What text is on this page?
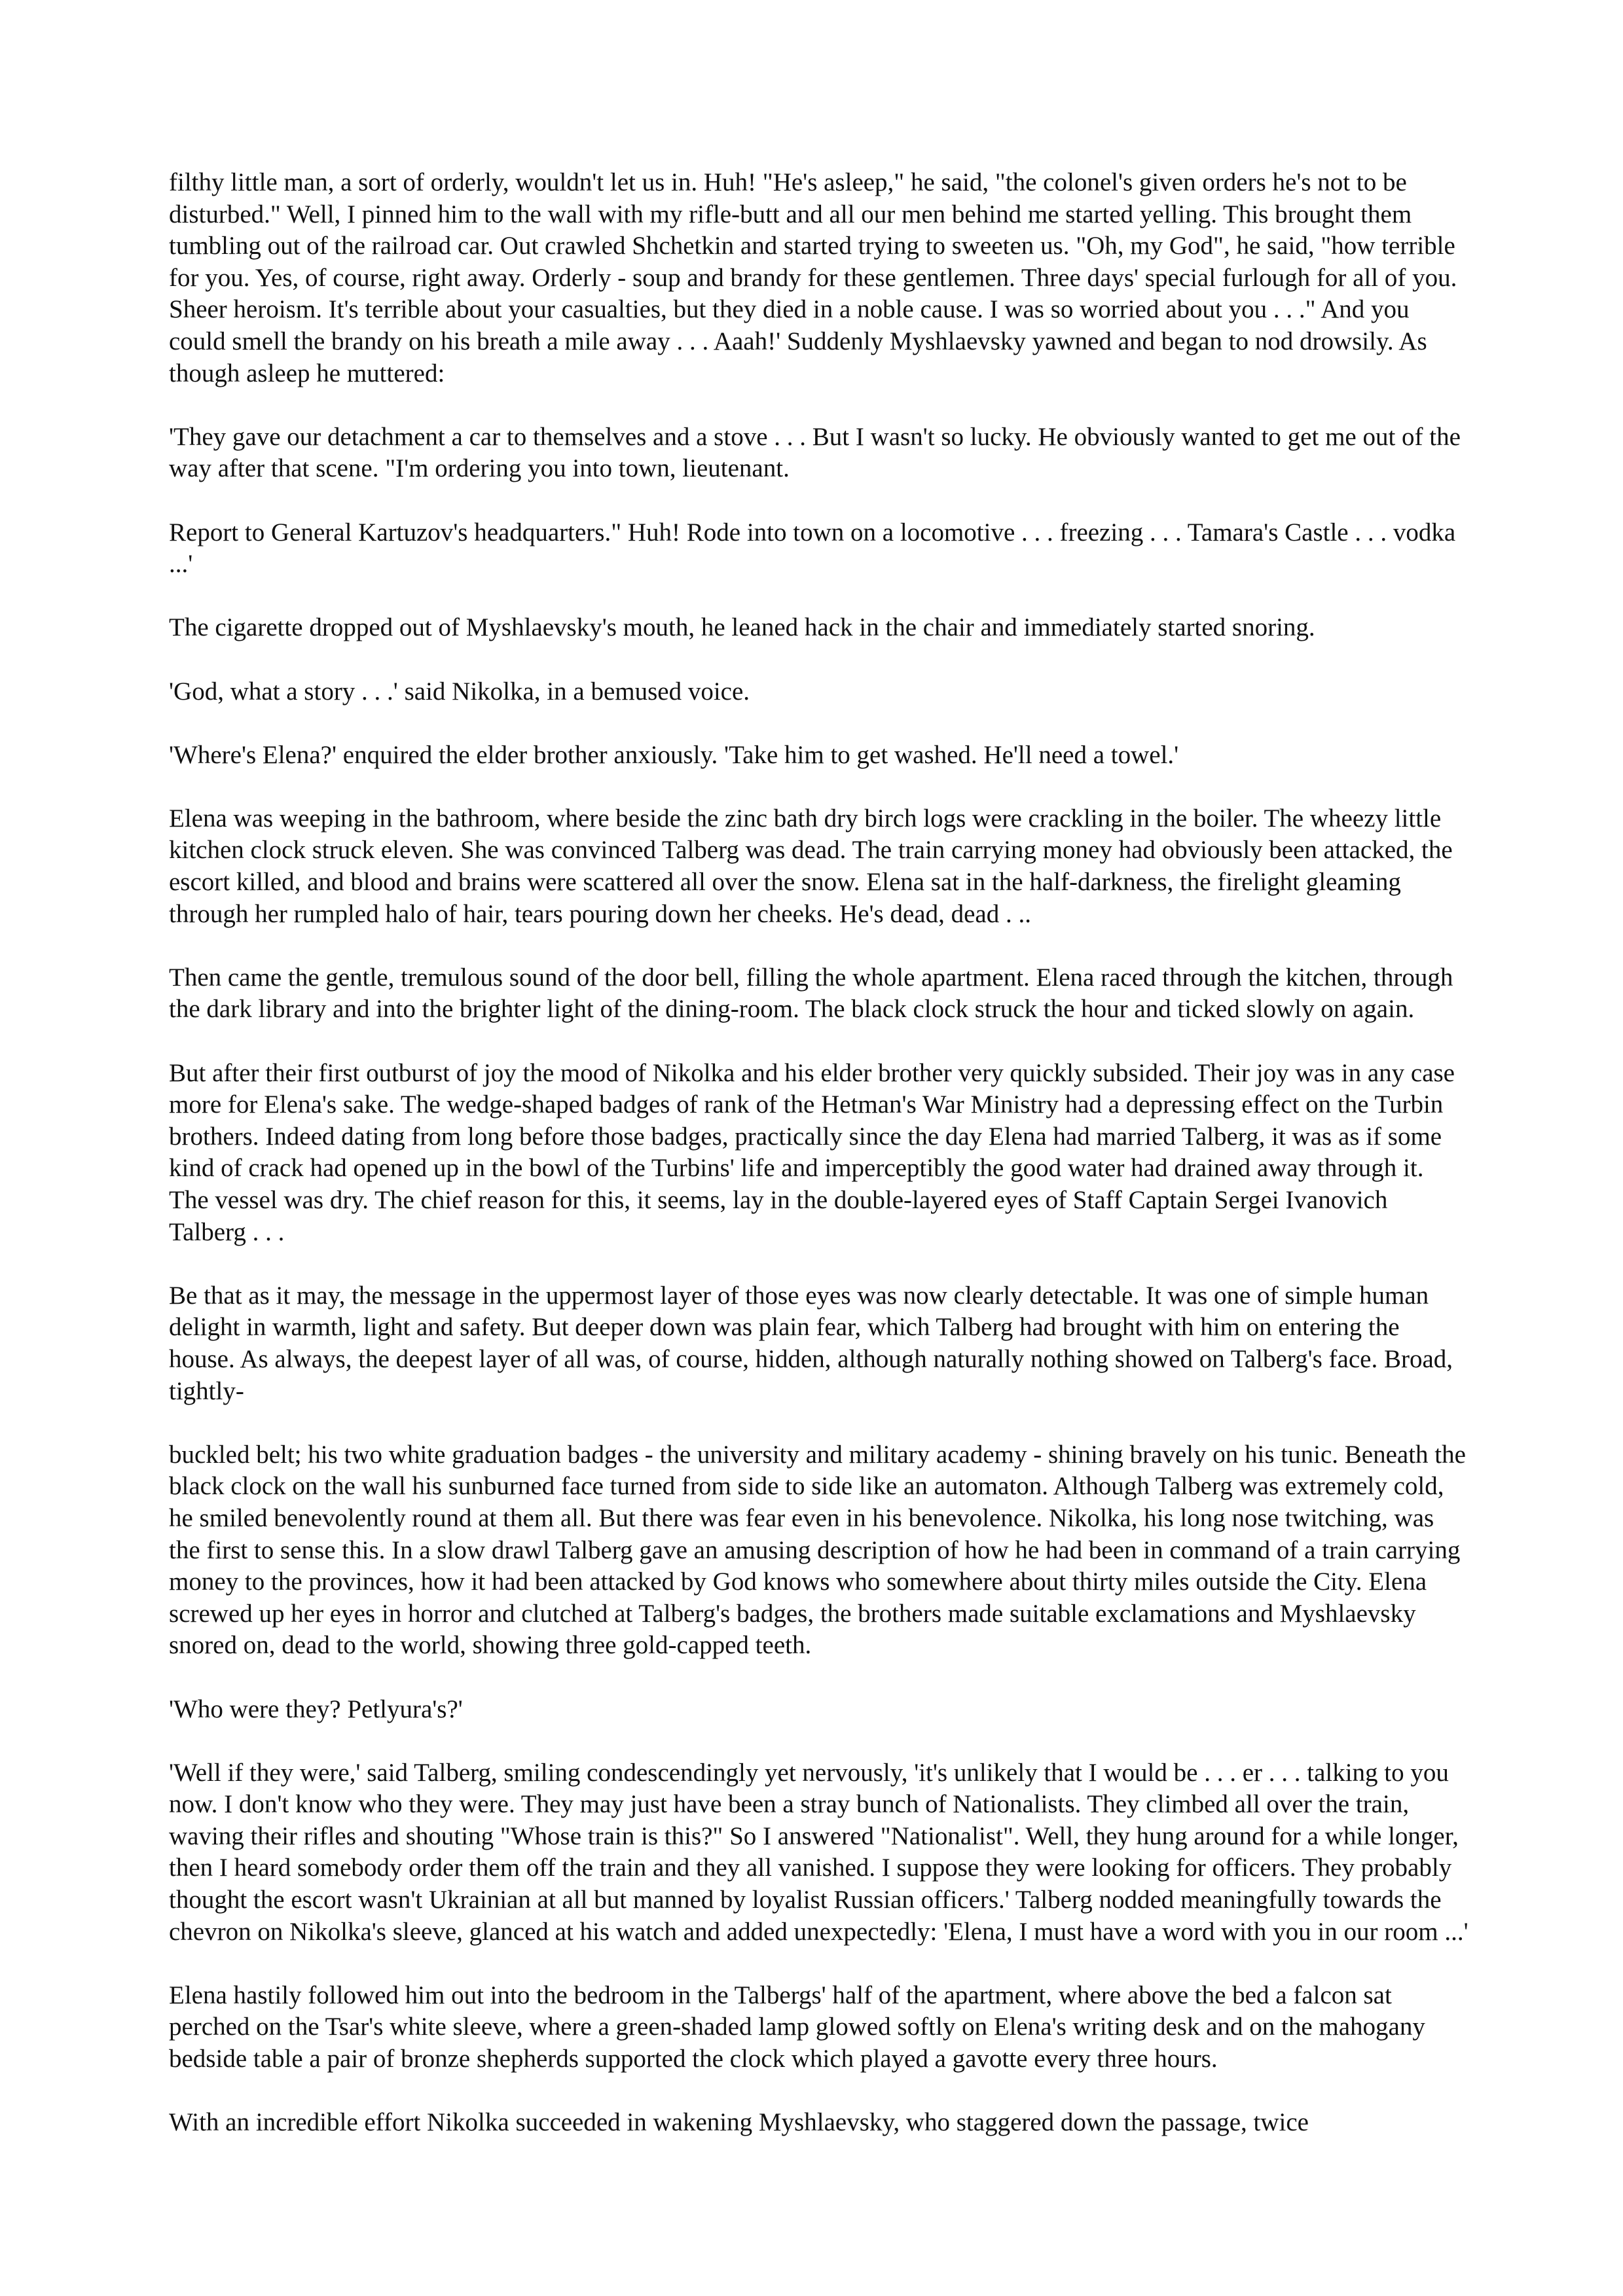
filthy little man, a sort of orderly, wouldn't let us in. Huh! "He's asleep," he said, "the colonel's given orders he's not to be disturbed." Well, I pinned him to the wall with my rifle-butt and all our men behind me started yelling. This brought them tumbling out of the railroad car. Out crawled Shchetkin and started trying to sweeten us. "Oh, my God", he said, "how terrible for you. Yes, of course, right away. Orderly - soup and brandy for these gentlemen. Three days' special furlough for all of you. Sheer heroism. It's terrible about your casualties, but they died in a noble cause. I was so worried about you . . ." And you could smell the brandy on his breath a mile away . . . Aaah!' Suddenly Myshlaevsky yawned and began to nod drowsily. As though asleep he muttered:

'They gave our detachment a car to themselves and a stove . . . But I wasn't so lucky. He obviously wanted to get me out of the way after that scene. "I'm ordering you into town, lieutenant.

Report to General Kartuzov's headquarters." Huh! Rode into town on a locomotive . . . freezing . . . Tamara's Castle . . . vodka ...'

The cigarette dropped out of Myshlaevsky's mouth, he leaned hack in the chair and immediately started snoring.

'God, what a story . . .' said Nikolka, in a bemused voice.

'Where's Elena?' enquired the elder brother anxiously. 'Take him to get washed. He'll need a towel.'

Elena was weeping in the bathroom, where beside the zinc bath dry birch logs were crackling in the boiler. The wheezy little kitchen clock struck eleven. She was convinced Talberg was dead. The train carrying money had obviously been attacked, the escort killed, and blood and brains were scattered all over the snow. Elena sat in the half-darkness, the firelight gleaming through her rumpled halo of hair, tears pouring down her cheeks. He's dead, dead . ..

Then came the gentle, tremulous sound of the door bell, filling the whole apartment. Elena raced through the kitchen, through the dark library and into the brighter light of the dining-room. The black clock struck the hour and ticked slowly on again.

But after their first outburst of joy the mood of Nikolka and his elder brother very quickly subsided. Their joy was in any case more for Elena's sake. The wedge-shaped badges of rank of the Hetman's War Ministry had a depressing effect on the Turbin brothers. Indeed dating from long before those badges, practically since the day Elena had married Talberg, it was as if some kind of crack had opened up in the bowl of the Turbins' life and imperceptibly the good water had drained away through it. The vessel was dry. The chief reason for this, it seems, lay in the double-layered eyes of Staff Captain Sergei Ivanovich Talberg . . .

Be that as it may, the message in the uppermost layer of those eyes was now clearly detectable. It was one of simple human delight in warmth, light and safety. But deeper down was plain fear, which Talberg had brought with him on entering the house. As always, the deepest layer of all was, of course, hidden, although naturally nothing showed on Talberg's face. Broad, tightly-

buckled belt; his two white graduation badges - the university and military academy - shining bravely on his tunic. Beneath the black clock on the wall his sunburned face turned from side to side like an automaton. Although Talberg was extremely cold, he smiled benevolently round at them all. But there was fear even in his benevolence. Nikolka, his long nose twitching, was the first to sense this. In a slow drawl Talberg gave an amusing description of how he had been in command of a train carrying money to the provinces, how it had been attacked by God knows who somewhere about thirty miles outside the City. Elena screwed up her eyes in horror and clutched at Talberg's badges, the brothers made suitable exclamations and Myshlaevsky snored on, dead to the world, showing three gold-capped teeth.

'Who were they? Petlyura's?'

'Well if they were,' said Talberg, smiling condescendingly yet nervously, 'it's unlikely that I would be . . . er . . . talking to you now. I don't know who they were. They may just have been a stray bunch of Nationalists. They climbed all over the train, waving their rifles and shouting "Whose train is this?" So I answered "Nationalist". Well, they hung around for a while longer, then I heard somebody order them off the train and they all vanished. I suppose they were looking for officers. They probably thought the escort wasn't Ukrainian at all but manned by loyalist Russian officers.' Talberg nodded meaningfully towards the chevron on Nikolka's sleeve, glanced at his watch and added unexpectedly: 'Elena, I must have a word with you in our room ...'

Elena hastily followed him out into the bedroom in the Talbergs' half of the apartment, where above the bed a falcon sat perched on the Tsar's white sleeve, where a green-shaded lamp glowed softly on Elena's writing desk and on the mahogany bedside table a pair of bronze shepherds supported the clock which played a gavotte every three hours.

With an incredible effort Nikolka succeeded in wakening Myshlaevsky, who staggered down the passage, twice
